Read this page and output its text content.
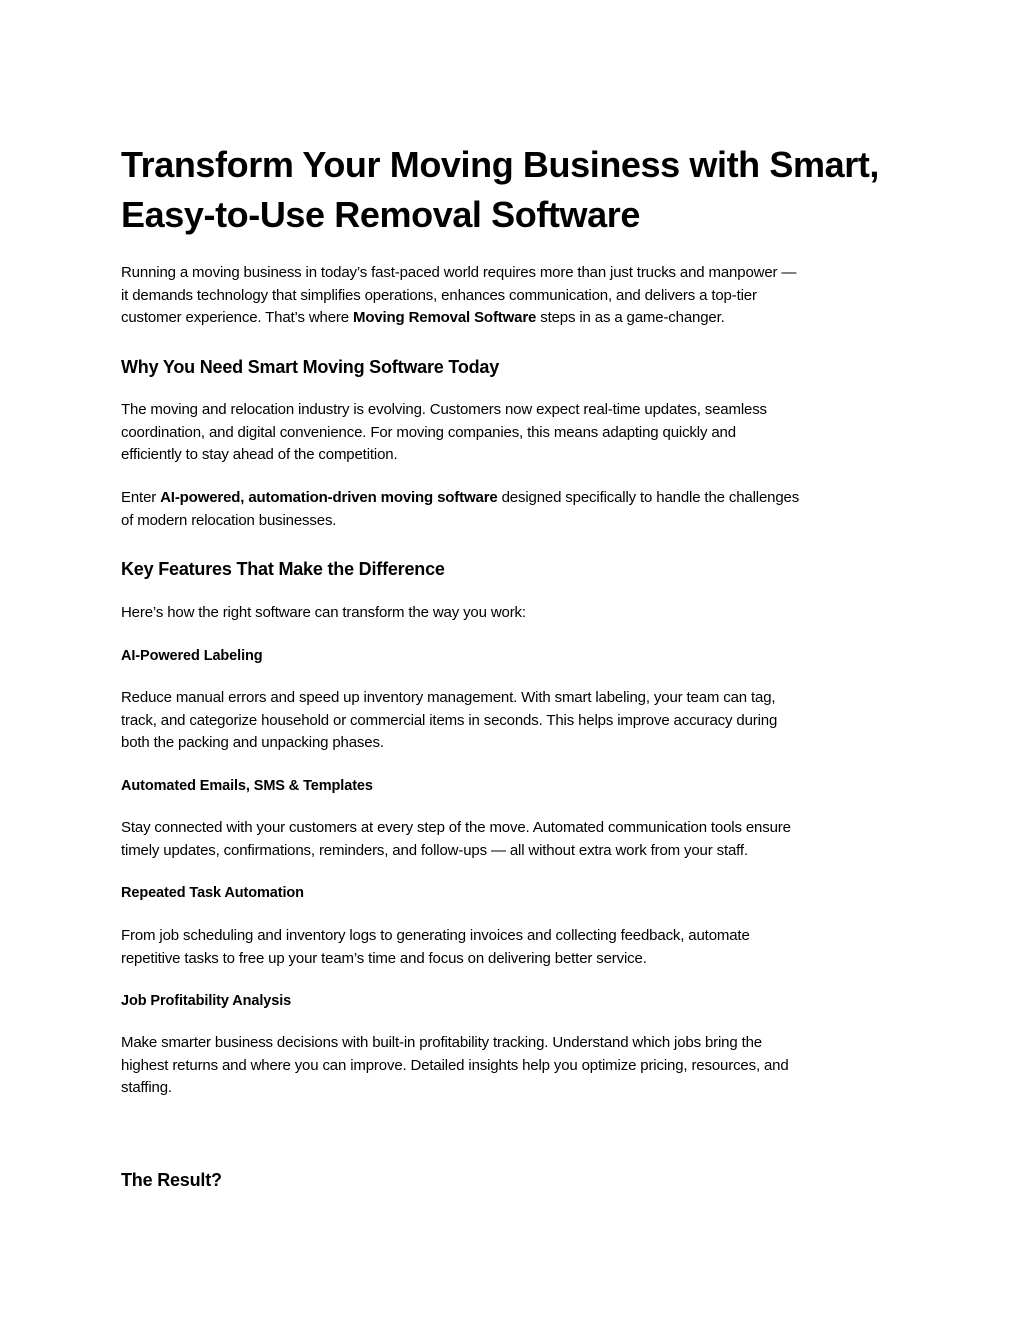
Transform Your Moving Business with Smart,
Easy-to-Use Removal Software

Running a moving business in today’s fast-paced world requires more than just trucks and manpower —
it demands technology that simplifies operations, enhances communication, and delivers a top-tier
customer experience. That’s where Moving Removal Software steps in as a game-changer.

Why You Need Smart Moving Software Today

The moving and relocation industry is evolving. Customers now expect real-time updates, seamless
coordination, and digital convenience. For moving companies, this means adapting quickly and
efficiently to stay ahead of the competition.

Enter AI-powered, automation-driven moving software designed specifically to handle the challenges
of modern relocation businesses.

Key Features That Make the Difference

Here’s how the right software can transform the way you work:

AI-Powered Labeling

Reduce manual errors and speed up inventory management. With smart labeling, your team can tag,
track, and categorize household or commercial items in seconds. This helps improve accuracy during
both the packing and unpacking phases.

Automated Emails, SMS & Templates

Stay connected with your customers at every step of the move. Automated communication tools ensure
timely updates, confirmations, reminders, and follow-ups — all without extra work from your staff.

Repeated Task Automation

From job scheduling and inventory logs to generating invoices and collecting feedback, automate
repetitive tasks to free up your team’s time and focus on delivering better service.

Job Profitability Analysis

Make smarter business decisions with built-in profitability tracking. Understand which jobs bring the
highest returns and where you can improve. Detailed insights help you optimize pricing, resources, and
staffing.

The Result?
